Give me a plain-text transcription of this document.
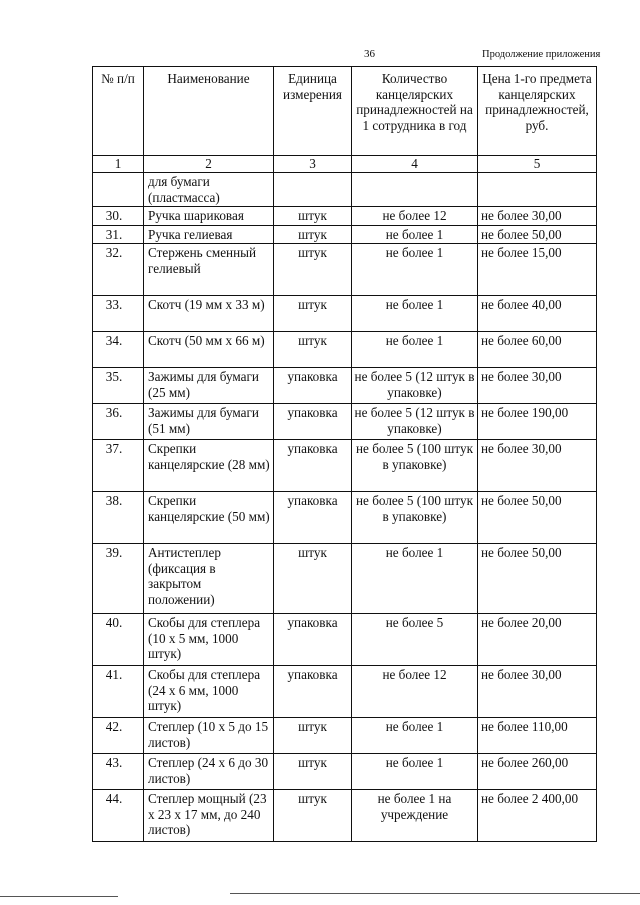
36	Продолжение приложения
№ п/п	Наименование	Единица измерения	Количество канцелярских принадлежностей на 1 сотрудника в год	Цена 1-го предмета канцелярских принадлежностей, руб.
1	2	3	4	5
	для бумаги (пластмасса)			
30.	Ручка шариковая	штук	не более 12	не более 30,00
31.	Ручка гелиевая	штук	не более 1	не более 50,00
32.	Стержень сменный гелиевый	штук	не более 1	не более 15,00
33.	Скотч (19 мм х 33 м)	штук	не более 1	не более 40,00
34.	Скотч (50 мм х 66 м)	штук	не более 1	не более 60,00
35.	Зажимы для бумаги (25 мм)	упаковка	не более 5 (12 штук в упаковке)	не более 30,00
36.	Зажимы для бумаги (51 мм)	упаковка	не более 5 (12 штук в упаковке)	не более 190,00
37.	Скрепки канцелярские (28 мм)	упаковка	не более 5 (100 штук в упаковке)	не более 30,00
38.	Скрепки канцелярские (50 мм)	упаковка	не более 5 (100 штук в упаковке)	не более 50,00
39.	Антистеплер (фиксация в закрытом положении)	штук	не более 1	не более 50,00
40.	Скобы для степлера (10 х 5 мм, 1000 штук)	упаковка	не более 5	не более 20,00
41.	Скобы для степлера (24 х 6 мм, 1000 штук)	упаковка	не более 12	не более 30,00
42.	Степлер (10 х 5 до 15 листов)	штук	не более 1	не более 110,00
43.	Степлер (24 х 6 до 30 листов)	штук	не более 1	не более 260,00
44.	Степлер мощный (23 х 23 х 17 мм, до 240 листов)	штук	не более 1 на учреждение	не более 2 400,00
